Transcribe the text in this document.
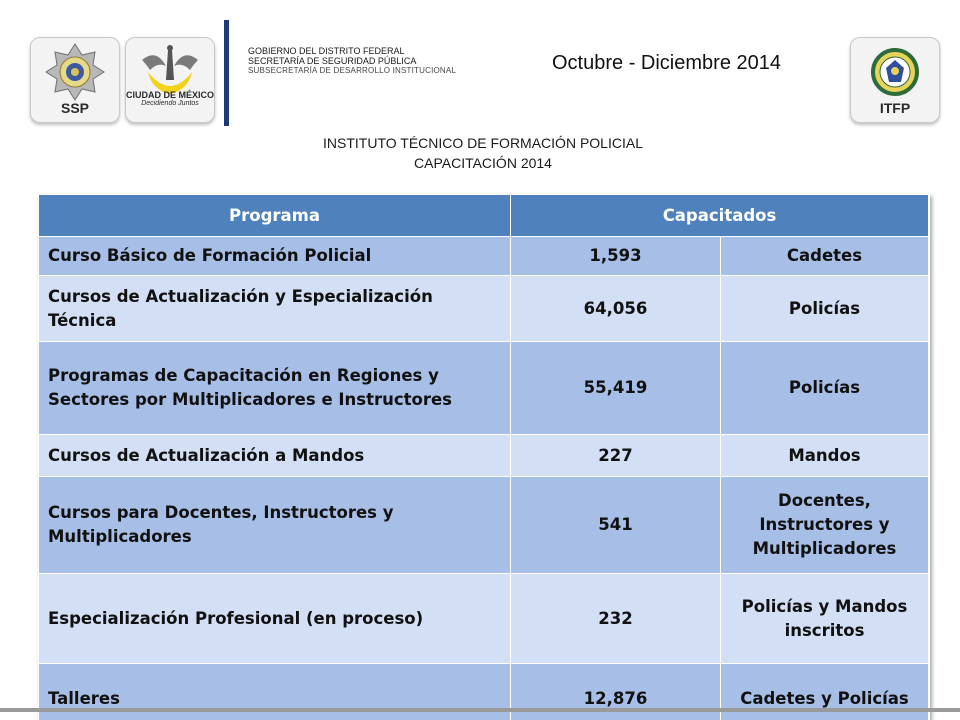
SSP
CIUDAD DE MÉXICO
Decidiendo Juntos
GOBIERNO DEL DISTRITO FEDERAL
SECRETARÍA DE SEGURIDAD PÚBLICA
SUBSECRETARÍA DE DESARROLLO INSTITUCIONAL	Octubre - Diciembre 2014
ITFP
INSTITUTO TÉCNICO DE FORMACIÓN POLICIAL
CAPACITACIÓN 2014
Programa	Capacitados	
Curso Básico de Formación Policial	1,593	Cadetes
Cursos de Actualización y Especialización Técnica	64,056	Policías
Programas de Capacitación en Regiones y Sectores por Multiplicadores e Instructores	55,419	Policías
Cursos de Actualización a Mandos	227	Mandos
Cursos para Docentes, Instructores y Multiplicadores	541	Docentes, Instructores y Multiplicadores
Especialización Profesional (en proceso)	232	Policías y Mandos inscritos
Talleres	12,876	Cadetes y Policías
